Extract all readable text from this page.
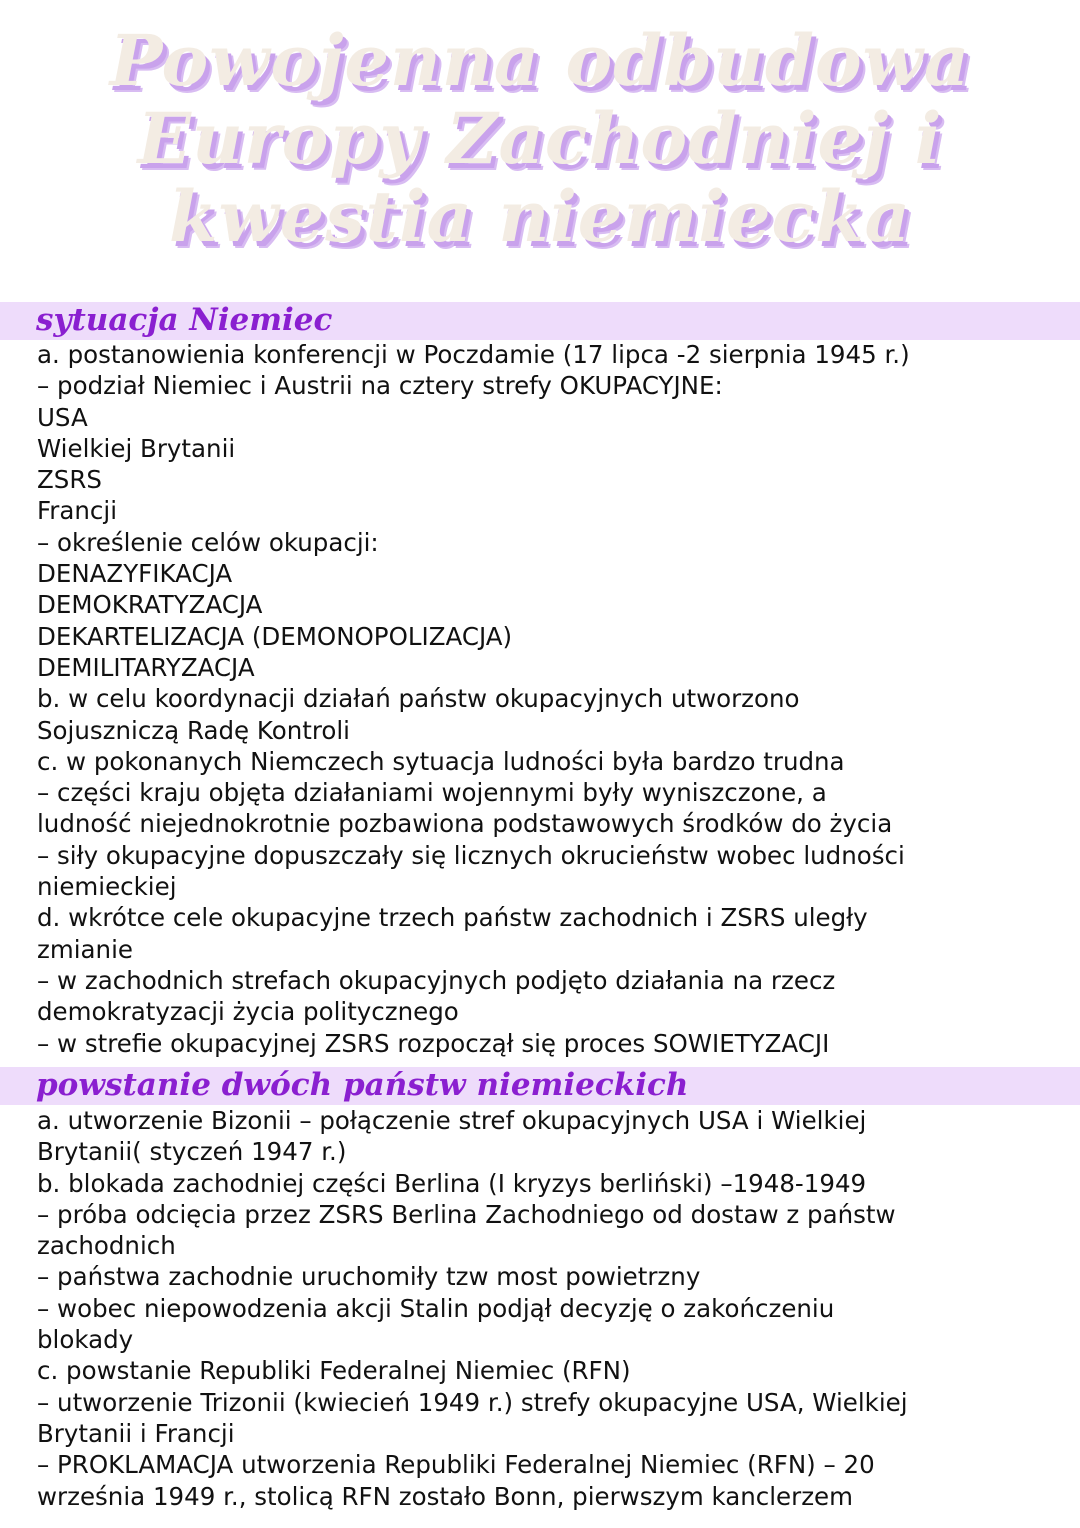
Powojenna odbudowa
Europy Zachodniej i
kwestia niemiecka
sytuacja Niemiec
a. postanowienia konferencji w Poczdamie (17 lipca -2 sierpnia 1945 r.)
– podział Niemiec i Austrii na cztery strefy OKUPACYJNE:
USA
Wielkiej Brytanii
ZSRS
Francji
– określenie celów okupacji:
DENAZYFIKACJA
DEMOKRATYZACJA
DEKARTELIZACJA (DEMONOPOLIZACJA)
DEMILITARYZACJA
b. w celu koordynacji działań państw okupacyjnych utworzono
Sojuszniczą Radę Kontroli
c. w pokonanych Niemczech sytuacja ludności była bardzo trudna
– części kraju objęta działaniami wojennymi były wyniszczone, a
ludność niejednokrotnie pozbawiona podstawowych środków do życia
– siły okupacyjne dopuszczały się licznych okrucieństw wobec ludności
niemieckiej
d. wkrótce cele okupacyjne trzech państw zachodnich i ZSRS uległy
zmianie
– w zachodnich strefach okupacyjnych podjęto działania na rzecz
demokratyzacji życia politycznego
– w strefie okupacyjnej ZSRS rozpoczął się proces SOWIETYZACJI
powstanie dwóch państw niemieckich
a. utworzenie Bizonii – połączenie stref okupacyjnych USA i Wielkiej
Brytanii( styczeń 1947 r.)
b. blokada zachodniej części Berlina (I kryzys berliński) –1948-1949
– próba odcięcia przez ZSRS Berlina Zachodniego od dostaw z państw
zachodnich
– państwa zachodnie uruchomiły tzw most powietrzny
– wobec niepowodzenia akcji Stalin podjął decyzję o zakończeniu
blokady
c. powstanie Republiki Federalnej Niemiec (RFN)
– utworzenie Trizonii (kwiecień 1949 r.) strefy okupacyjne USA, Wielkiej
Brytanii i Francji
– PROKLAMACJA utworzenia Republiki Federalnej Niemiec (RFN) – 20
września 1949 r., stolicą RFN zostało Bonn, pierwszym kanclerzem
